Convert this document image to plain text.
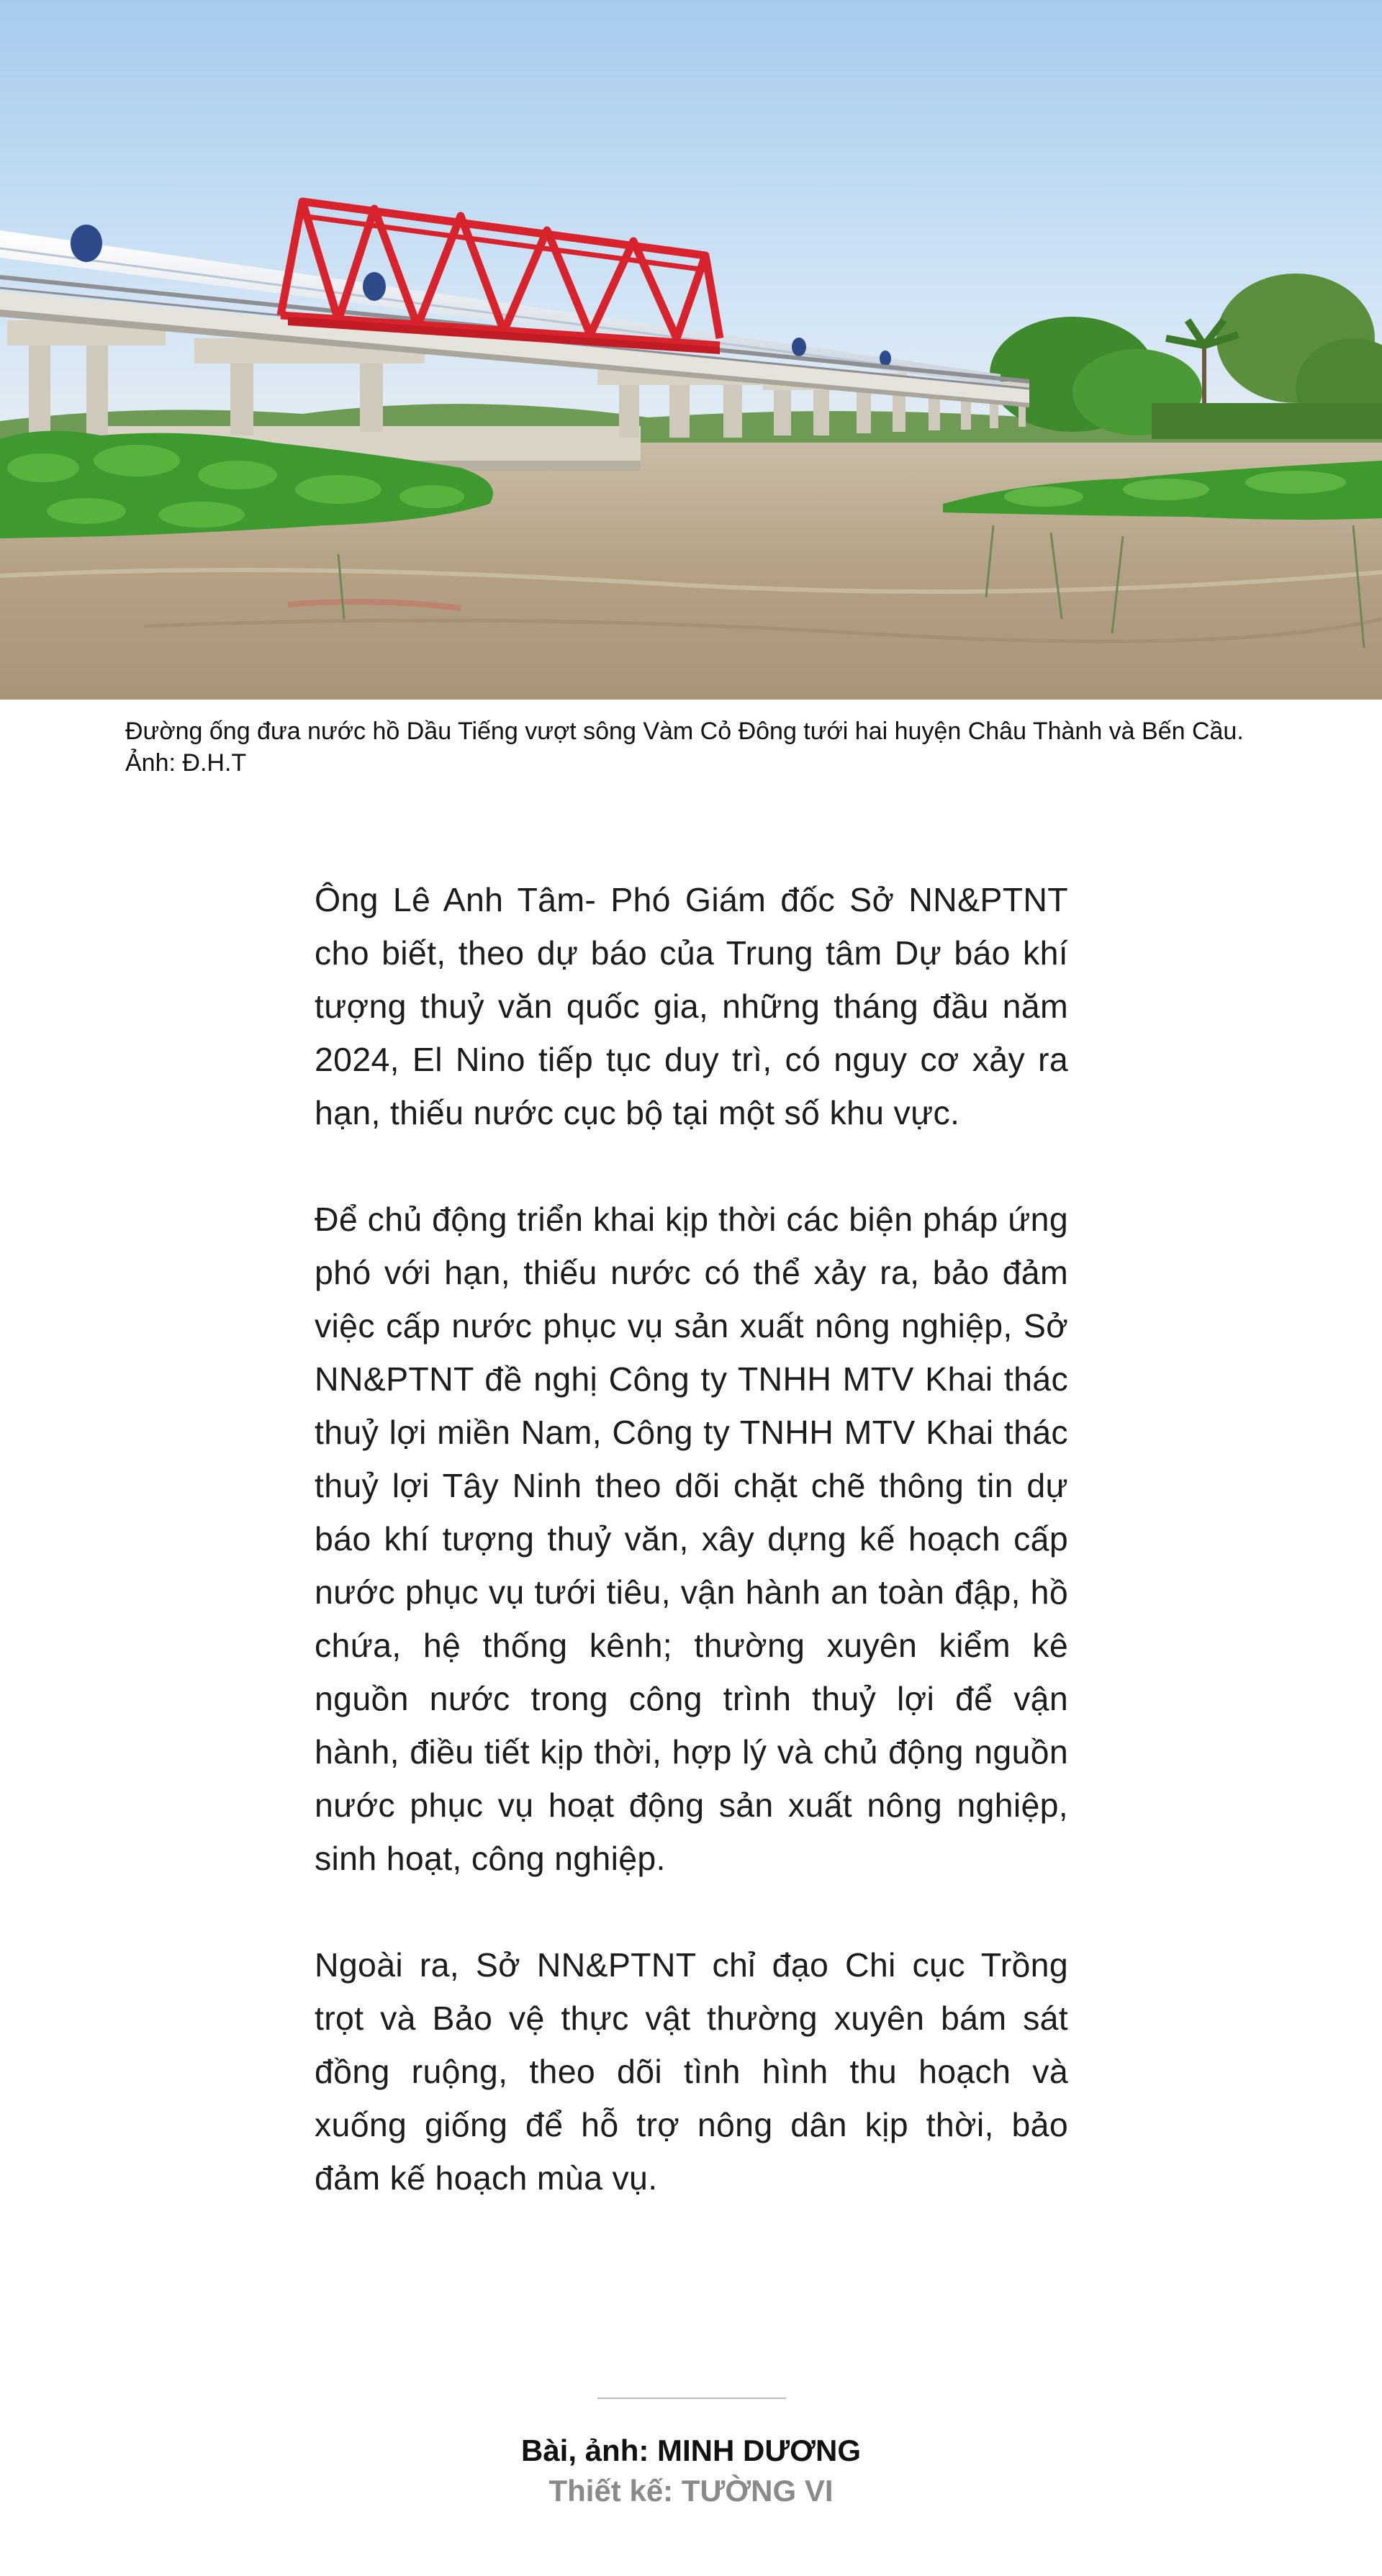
Đường ống đưa nước hồ Dầu Tiếng vượt sông Vàm Cỏ Đông tưới hai huyện Châu Thành và Bến Cầu. Ảnh: Đ.H.T

Ông Lê Anh Tâm- Phó Giám đốc Sở NN&PTNT cho biết, theo dự báo của Trung tâm Dự báo khí tượng thuỷ văn quốc gia, những tháng đầu năm 2024, El Nino tiếp tục duy trì, có nguy cơ xảy ra hạn, thiếu nước cục bộ tại một số khu vực.

Để chủ động triển khai kịp thời các biện pháp ứng phó với hạn, thiếu nước có thể xảy ra, bảo đảm việc cấp nước phục vụ sản xuất nông nghiệp, Sở NN&PTNT đề nghị Công ty TNHH MTV Khai thác thuỷ lợi miền Nam, Công ty TNHH MTV Khai thác thuỷ lợi Tây Ninh theo dõi chặt chẽ thông tin dự báo khí tượng thuỷ văn, xây dựng kế hoạch cấp nước phục vụ tưới tiêu, vận hành an toàn đập, hồ chứa, hệ thống kênh; thường xuyên kiểm kê nguồn nước trong công trình thuỷ lợi để vận hành, điều tiết kịp thời, hợp lý và chủ động nguồn nước phục vụ hoạt động sản xuất nông nghiệp, sinh hoạt, công nghiệp.

Ngoài ra, Sở NN&PTNT chỉ đạo Chi cục Trồng trọt và Bảo vệ thực vật thường xuyên bám sát đồng ruộng, theo dõi tình hình thu hoạch và xuống giống để hỗ trợ nông dân kịp thời, bảo đảm kế hoạch mùa vụ.

Bài, ảnh: MINH DƯƠNG

Thiết kế: TƯỜNG VI
